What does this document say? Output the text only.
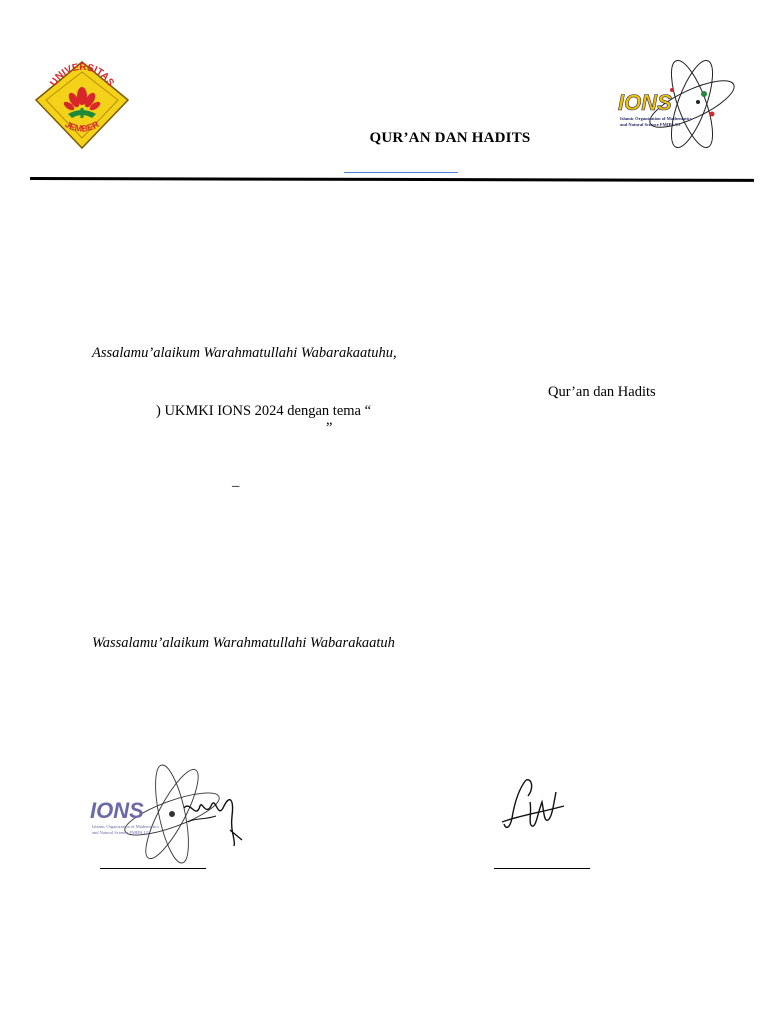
UNIVERSITAS
JEMBER
IONS
Islamic Organization of Mathematics
and Natural Science FMIPA UJ
QUR’AN DAN HADITS
Assalamu’alaikum Warahmatullahi Wabarakaatuhu,
Qur’an dan Hadits
) UKMKI IONS 2024 dengan tema “
”
–
Wassalamu’alaikum Warahmatullahi Wabarakaatuh
IONS
Islamic Organization of Mathematics
and Natural Science FMIPA UJ
